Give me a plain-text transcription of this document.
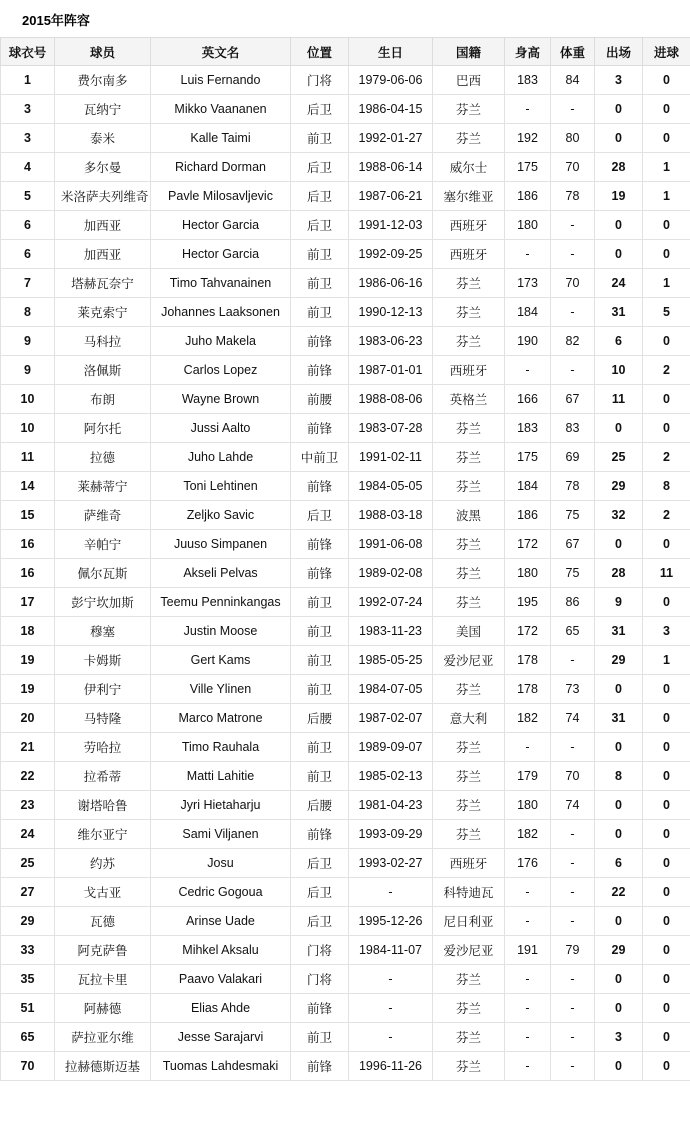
2015年阵容
球衣号	球员	英文名	位置	生日	国籍	身高	体重	出场	进球
1	费尔南多	Luis Fernando	门将	1979-06-06	巴西	183	84	3	0
3	瓦纳宁	Mikko Vaananen	后卫	1986-04-15	芬兰	-	-	0	0
3	泰米	Kalle Taimi	前卫	1992-01-27	芬兰	192	80	0	0
4	多尔曼	Richard Dorman	后卫	1988-06-14	威尔士	175	70	28	1
5	米洛萨夫列维奇	Pavle Milosavljevic	后卫	1987-06-21	塞尔维亚	186	78	19	1
6	加西亚	Hector Garcia	后卫	1991-12-03	西班牙	180	-	0	0
6	加西亚	Hector Garcia	前卫	1992-09-25	西班牙	-	-	0	0
7	塔赫瓦奈宁	Timo Tahvanainen	前卫	1986-06-16	芬兰	173	70	24	1
8	莱克索宁	Johannes Laaksonen	前卫	1990-12-13	芬兰	184	-	31	5
9	马科拉	Juho Makela	前锋	1983-06-23	芬兰	190	82	6	0
9	洛佩斯	Carlos Lopez	前锋	1987-01-01	西班牙	-	-	10	2
10	布朗	Wayne Brown	前腰	1988-08-06	英格兰	166	67	11	0
10	阿尔托	Jussi Aalto	前锋	1983-07-28	芬兰	183	83	0	0
11	拉德	Juho Lahde	中前卫	1991-02-11	芬兰	175	69	25	2
14	莱赫蒂宁	Toni Lehtinen	前锋	1984-05-05	芬兰	184	78	29	8
15	萨维奇	Zeljko Savic	后卫	1988-03-18	波黑	186	75	32	2
16	辛帕宁	Juuso Simpanen	前锋	1991-06-08	芬兰	172	67	0	0
16	佩尔瓦斯	Akseli Pelvas	前锋	1989-02-08	芬兰	180	75	28	11
17	彭宁坎加斯	Teemu Penninkangas	前卫	1992-07-24	芬兰	195	86	9	0
18	穆塞	Justin Moose	前卫	1983-11-23	美国	172	65	31	3
19	卡姆斯	Gert Kams	前卫	1985-05-25	爱沙尼亚	178	-	29	1
19	伊利宁	Ville Ylinen	前卫	1984-07-05	芬兰	178	73	0	0
20	马特隆	Marco Matrone	后腰	1987-02-07	意大利	182	74	31	0
21	劳哈拉	Timo Rauhala	前卫	1989-09-07	芬兰	-	-	0	0
22	拉希蒂	Matti Lahitie	前卫	1985-02-13	芬兰	179	70	8	0
23	谢塔哈鲁	Jyri Hietaharju	后腰	1981-04-23	芬兰	180	74	0	0
24	维尔亚宁	Sami Viljanen	前锋	1993-09-29	芬兰	182	-	0	0
25	约苏	Josu	后卫	1993-02-27	西班牙	176	-	6	0
27	戈古亚	Cedric Gogoua	后卫	-	科特迪瓦	-	-	22	0
29	瓦德	Arinse Uade	后卫	1995-12-26	尼日利亚	-	-	0	0
33	阿克萨鲁	Mihkel Aksalu	门将	1984-11-07	爱沙尼亚	191	79	29	0
35	瓦拉卡里	Paavo Valakari	门将	-	芬兰	-	-	0	0
51	阿赫德	Elias Ahde	前锋	-	芬兰	-	-	0	0
65	萨拉亚尔维	Jesse Sarajarvi	前卫	-	芬兰	-	-	3	0
70	拉赫德斯迈基	Tuomas Lahdesmaki	前锋	1996-11-26	芬兰	-	-	0	0
